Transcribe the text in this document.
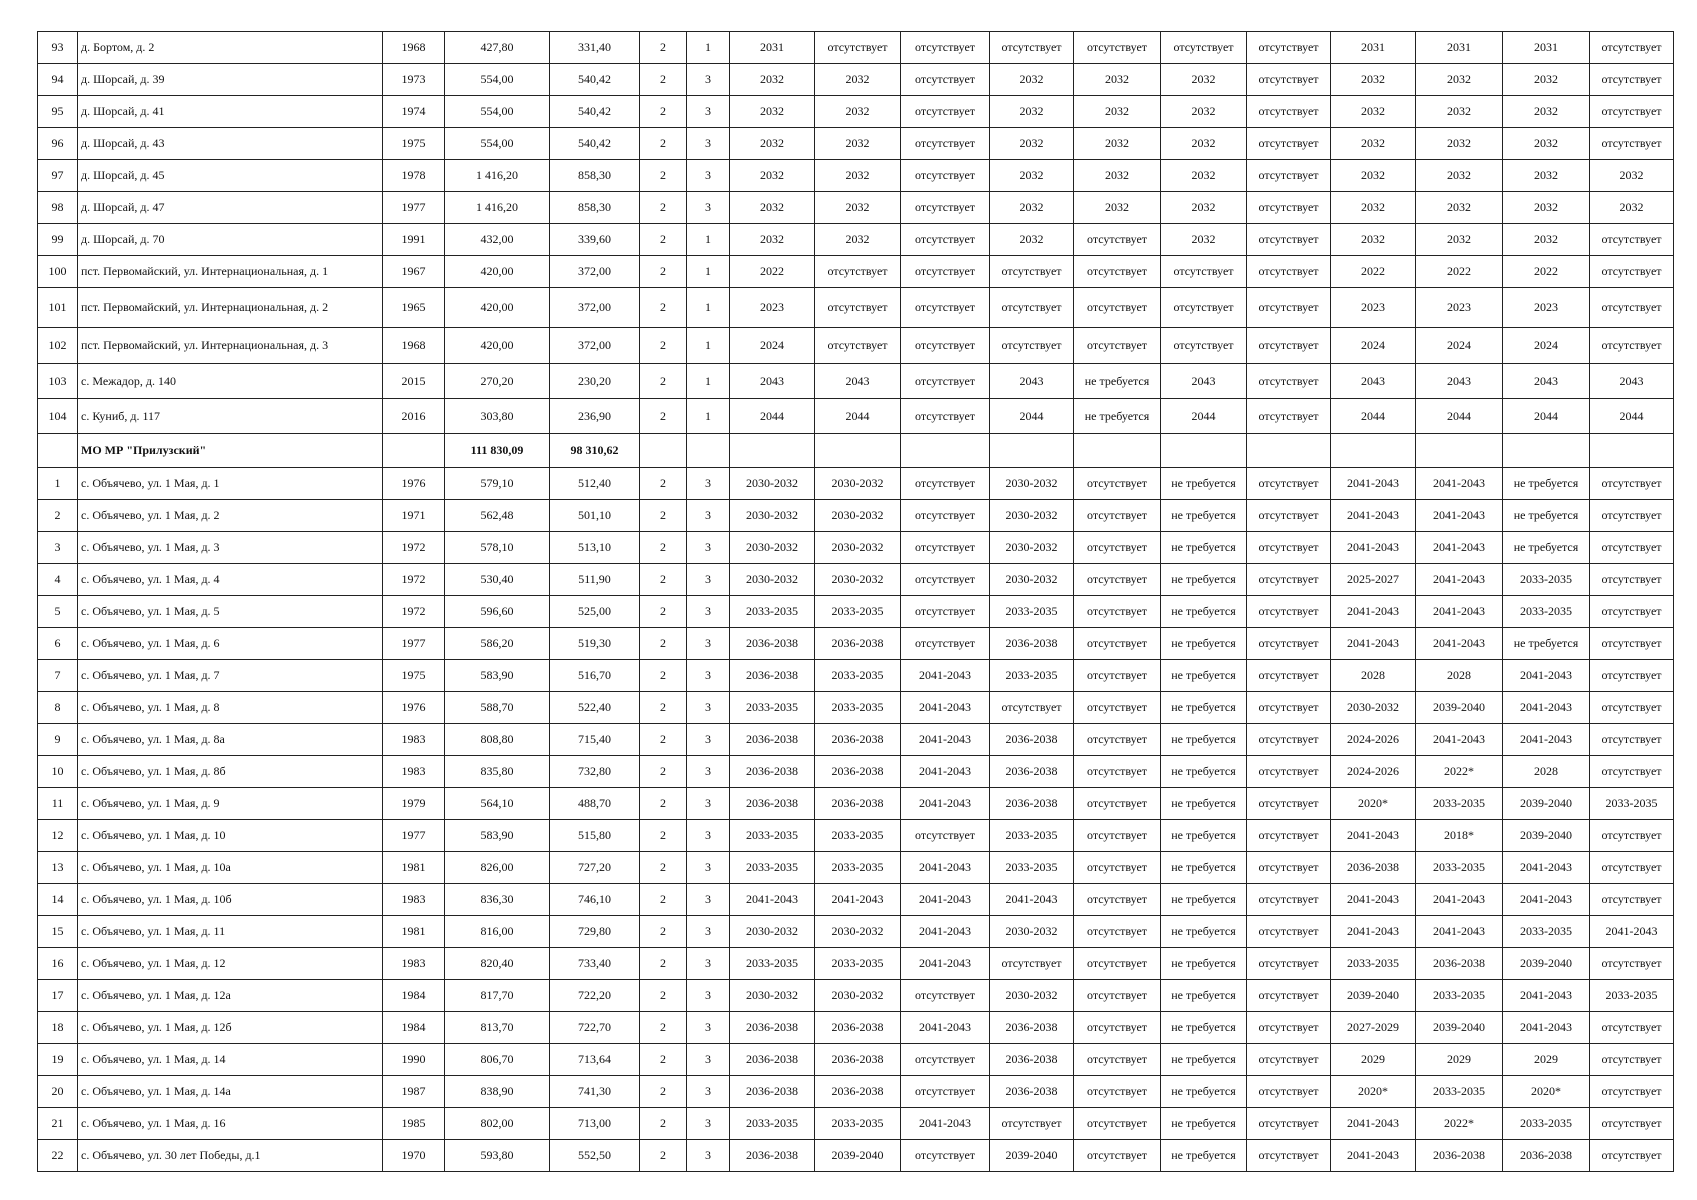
93	д. Бортом, д. 2	1968	427,80	331,40	2	1	2031	отсутствует	отсутствует	отсутствует	отсутствует	отсутствует	отсутствует	2031	2031	2031	отсутствует
94	д. Шорсай, д. 39	1973	554,00	540,42	2	3	2032	2032	отсутствует	2032	2032	2032	отсутствует	2032	2032	2032	отсутствует
95	д. Шорсай, д. 41	1974	554,00	540,42	2	3	2032	2032	отсутствует	2032	2032	2032	отсутствует	2032	2032	2032	отсутствует
96	д. Шорсай, д. 43	1975	554,00	540,42	2	3	2032	2032	отсутствует	2032	2032	2032	отсутствует	2032	2032	2032	отсутствует
97	д. Шорсай, д. 45	1978	1 416,20	858,30	2	3	2032	2032	отсутствует	2032	2032	2032	отсутствует	2032	2032	2032	2032
98	д. Шорсай, д. 47	1977	1 416,20	858,30	2	3	2032	2032	отсутствует	2032	2032	2032	отсутствует	2032	2032	2032	2032
99	д. Шорсай, д. 70	1991	432,00	339,60	2	1	2032	2032	отсутствует	2032	отсутствует	2032	отсутствует	2032	2032	2032	отсутствует
100	пст. Первомайский, ул. Интернациональная, д. 1	1967	420,00	372,00	2	1	2022	отсутствует	отсутствует	отсутствует	отсутствует	отсутствует	отсутствует	2022	2022	2022	отсутствует
101	пст. Первомайский, ул. Интернациональная, д. 2	1965	420,00	372,00	2	1	2023	отсутствует	отсутствует	отсутствует	отсутствует	отсутствует	отсутствует	2023	2023	2023	отсутствует
102	пст. Первомайский, ул. Интернациональная, д. 3	1968	420,00	372,00	2	1	2024	отсутствует	отсутствует	отсутствует	отсутствует	отсутствует	отсутствует	2024	2024	2024	отсутствует
103	с. Межадор, д. 140	2015	270,20	230,20	2	1	2043	2043	отсутствует	2043	не требуется	2043	отсутствует	2043	2043	2043	2043
104	с. Куниб, д. 117	2016	303,80	236,90	2	1	2044	2044	отсутствует	2044	не требуется	2044	отсутствует	2044	2044	2044	2044
	МО МР "Прилузский"		111 830,09	98 310,62													
1	с. Объячево, ул. 1 Мая, д. 1	1976	579,10	512,40	2	3	2030-2032	2030-2032	отсутствует	2030-2032	отсутствует	не требуется	отсутствует	2041-2043	2041-2043	не требуется	отсутствует
2	с. Объячево, ул. 1 Мая, д. 2	1971	562,48	501,10	2	3	2030-2032	2030-2032	отсутствует	2030-2032	отсутствует	не требуется	отсутствует	2041-2043	2041-2043	не требуется	отсутствует
3	с. Объячево, ул. 1 Мая, д. 3	1972	578,10	513,10	2	3	2030-2032	2030-2032	отсутствует	2030-2032	отсутствует	не требуется	отсутствует	2041-2043	2041-2043	не требуется	отсутствует
4	с. Объячево, ул. 1 Мая, д. 4	1972	530,40	511,90	2	3	2030-2032	2030-2032	отсутствует	2030-2032	отсутствует	не требуется	отсутствует	2025-2027	2041-2043	2033-2035	отсутствует
5	с. Объячево, ул. 1 Мая, д. 5	1972	596,60	525,00	2	3	2033-2035	2033-2035	отсутствует	2033-2035	отсутствует	не требуется	отсутствует	2041-2043	2041-2043	2033-2035	отсутствует
6	с. Объячево, ул. 1 Мая, д. 6	1977	586,20	519,30	2	3	2036-2038	2036-2038	отсутствует	2036-2038	отсутствует	не требуется	отсутствует	2041-2043	2041-2043	не требуется	отсутствует
7	с. Объячево, ул. 1 Мая, д. 7	1975	583,90	516,70	2	3	2036-2038	2033-2035	2041-2043	2033-2035	отсутствует	не требуется	отсутствует	2028	2028	2041-2043	отсутствует
8	с. Объячево, ул. 1 Мая, д. 8	1976	588,70	522,40	2	3	2033-2035	2033-2035	2041-2043	отсутствует	отсутствует	не требуется	отсутствует	2030-2032	2039-2040	2041-2043	отсутствует
9	с. Объячево, ул. 1 Мая, д. 8а	1983	808,80	715,40	2	3	2036-2038	2036-2038	2041-2043	2036-2038	отсутствует	не требуется	отсутствует	2024-2026	2041-2043	2041-2043	отсутствует
10	с. Объячево, ул. 1 Мая, д. 8б	1983	835,80	732,80	2	3	2036-2038	2036-2038	2041-2043	2036-2038	отсутствует	не требуется	отсутствует	2024-2026	2022*	2028	отсутствует
11	с. Объячево, ул. 1 Мая, д. 9	1979	564,10	488,70	2	3	2036-2038	2036-2038	2041-2043	2036-2038	отсутствует	не требуется	отсутствует	2020*	2033-2035	2039-2040	2033-2035
12	с. Объячево, ул. 1 Мая, д. 10	1977	583,90	515,80	2	3	2033-2035	2033-2035	отсутствует	2033-2035	отсутствует	не требуется	отсутствует	2041-2043	2018*	2039-2040	отсутствует
13	с. Объячево, ул. 1 Мая, д. 10а	1981	826,00	727,20	2	3	2033-2035	2033-2035	2041-2043	2033-2035	отсутствует	не требуется	отсутствует	2036-2038	2033-2035	2041-2043	отсутствует
14	с. Объячево, ул. 1 Мая, д. 10б	1983	836,30	746,10	2	3	2041-2043	2041-2043	2041-2043	2041-2043	отсутствует	не требуется	отсутствует	2041-2043	2041-2043	2041-2043	отсутствует
15	с. Объячево, ул. 1 Мая, д. 11	1981	816,00	729,80	2	3	2030-2032	2030-2032	2041-2043	2030-2032	отсутствует	не требуется	отсутствует	2041-2043	2041-2043	2033-2035	2041-2043
16	с. Объячево, ул. 1 Мая, д. 12	1983	820,40	733,40	2	3	2033-2035	2033-2035	2041-2043	отсутствует	отсутствует	не требуется	отсутствует	2033-2035	2036-2038	2039-2040	отсутствует
17	с. Объячево, ул. 1 Мая, д. 12а	1984	817,70	722,20	2	3	2030-2032	2030-2032	отсутствует	2030-2032	отсутствует	не требуется	отсутствует	2039-2040	2033-2035	2041-2043	2033-2035
18	с. Объячево, ул. 1 Мая, д. 12б	1984	813,70	722,70	2	3	2036-2038	2036-2038	2041-2043	2036-2038	отсутствует	не требуется	отсутствует	2027-2029	2039-2040	2041-2043	отсутствует
19	с. Объячево, ул. 1 Мая, д. 14	1990	806,70	713,64	2	3	2036-2038	2036-2038	отсутствует	2036-2038	отсутствует	не требуется	отсутствует	2029	2029	2029	отсутствует
20	с. Объячево, ул. 1 Мая, д. 14а	1987	838,90	741,30	2	3	2036-2038	2036-2038	отсутствует	2036-2038	отсутствует	не требуется	отсутствует	2020*	2033-2035	2020*	отсутствует
21	с. Объячево, ул. 1 Мая, д. 16	1985	802,00	713,00	2	3	2033-2035	2033-2035	2041-2043	отсутствует	отсутствует	не требуется	отсутствует	2041-2043	2022*	2033-2035	отсутствует
22	с. Объячево, ул. 30 лет Победы, д.1	1970	593,80	552,50	2	3	2036-2038	2039-2040	отсутствует	2039-2040	отсутствует	не требуется	отсутствует	2041-2043	2036-2038	2036-2038	отсутствует
